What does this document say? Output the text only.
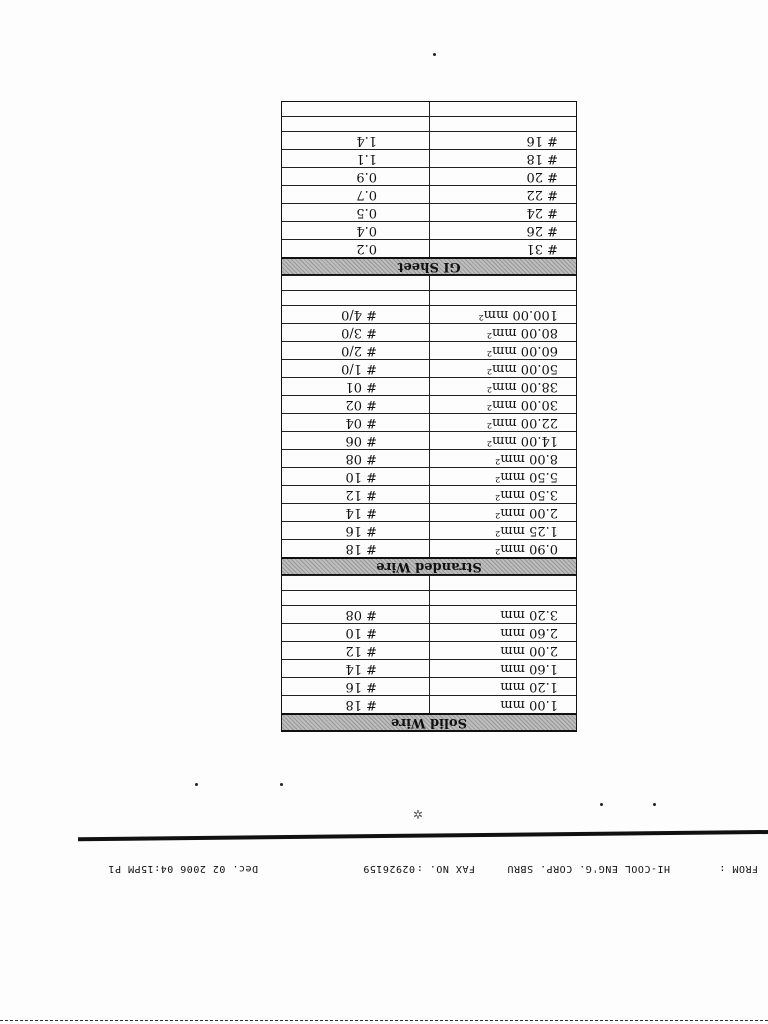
FROM :
HI-COOL ENG'G. CORP. SBRU
FAX NO. :
02926159
Dec. 02 2006 04:15PM P1
✲
Solid Wire
1.00 mm
# 18
1.20 mm
# 16
1.60 mm
# 14
2.00 mm
# 12
2.60 mm
# 10
3.20 mm
# 08
Stranded Wire
0.90 mm²
# 18
1.25 mm²
# 16
2.00 mm²
# 14
3.50 mm²
# 12
5.50 mm²
# 10
8.00 mm²
# 08
14.00 mm²
# 06
22.00 mm²
# 04
30.00 mm²
# 02
38.00 mm²
# 01
50.00 mm²
# 1/0
60.00 mm²
# 2/0
80.00 mm²
# 3/0
100.00 mm²
# 4/0
GI Sheet
# 31
0.2
# 26
0.4
# 24
0.5
# 22
0.7
# 20
0.9
# 18
1.1
# 16
1.4
